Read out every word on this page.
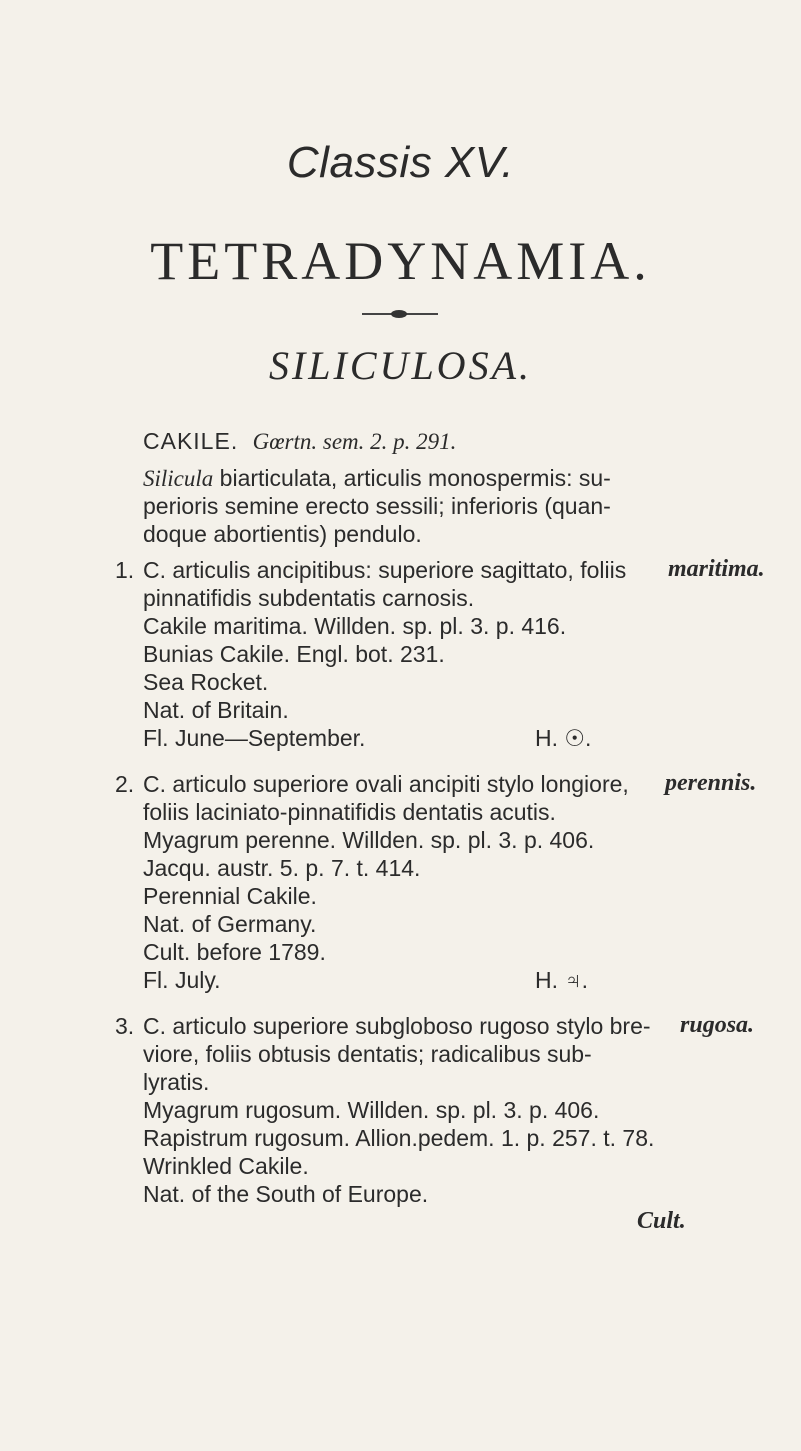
Classis XV.
TETRADYNAMIA.
SILICULOSA.
CAKILE. Gœrtn. sem. 2. p. 291.
Silicula biarticulata, articulis monospermis: su-
perioris semine erecto sessili; inferioris (quan-
doque abortientis) pendulo.
1. C. articulis ancipitibus: superiore sagittato, foliis maritima.
pinnatifidis subdentatis carnosis.
Cakile maritima. Willden. sp. pl. 3. p. 416.
Bunias Cakile. Engl. bot. 231.
Sea Rocket.
Nat. of Britain.
Fl. June—September.	H. ☉.
2. C. articulo superiore ovali ancipiti stylo longiore, perennis.
foliis laciniato-pinnatifidis dentatis acutis.
Myagrum perenne. Willden. sp. pl. 3. p. 406.
Jacqu. austr. 5. p. 7. t. 414.
Perennial Cakile.
Nat. of Germany.
Cult. before 1789.
Fl. July.	H. ♃.
3. C. articulo superiore subgloboso rugoso stylo bre- rugosa.
viore, foliis obtusis dentatis; radicalibus sub-
lyratis.
Myagrum rugosum. Willden. sp. pl. 3. p. 406.
Rapistrum rugosum. Allion.pedem. 1. p. 257. t. 78.
Wrinkled Cakile.
Nat. of the South of Europe.
Cult.
